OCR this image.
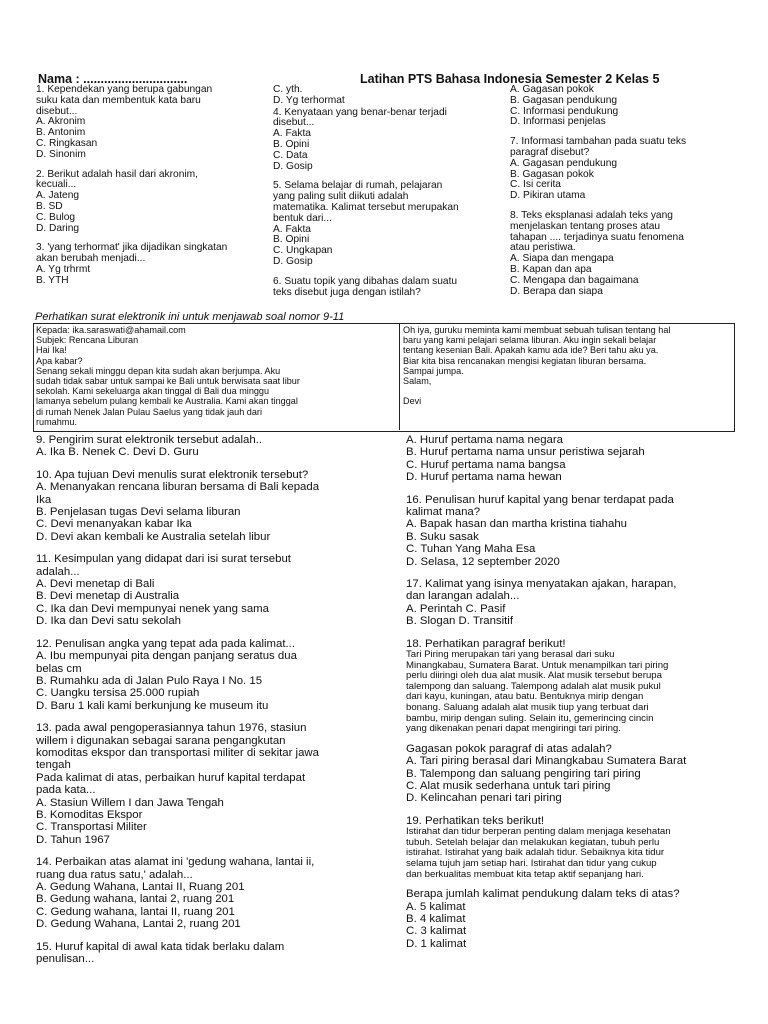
Nama : ..............................	Latihan PTS Bahasa Indonesia Semester 2 Kelas 5
1. Kependekan yang berupa gabungan
suku kata dan membentuk kata baru
disebut...
A. Akronim
B. Antonim
C. Ringkasan
D. Sinonim
2. Berikut adalah hasil dari akronim,
kecuali...
A. Jateng
B. SD
C. Bulog
D. Daring
3. 'yang terhormat' jika dijadikan singkatan
akan berubah menjadi...
A. Yg trhrmt
B. YTH
C. yth.
D. Yg terhormat
4. Kenyataan yang benar-benar terjadi
disebut...
A. Fakta
B. Opini
C. Data
D. Gosip
5. Selama belajar di rumah, pelajaran
yang paling sulit diikuti adalah
matematika. Kalimat tersebut merupakan
bentuk dari...
A. Fakta
B. Opini
C. Ungkapan
D. Gosip
6. Suatu topik yang dibahas dalam suatu
teks disebut juga dengan istilah?
A. Gagasan pokok
B. Gagasan pendukung
C. Informasi pendukung
D. Informasi penjelas
7. Informasi tambahan pada suatu teks
paragraf disebut?
A. Gagasan pendukung
B. Gagasan pokok
C. Isi cerita
D. Pikiran utama
8. Teks eksplanasi adalah teks yang
menjelaskan tentang proses atau
tahapan .... terjadinya suatu fenomena
atau peristiwa.
A. Siapa dan mengapa
B. Kapan dan apa
C. Mengapa dan bagaimana
D. Berapa dan siapa
Perhatikan surat elektronik ini untuk menjawab soal nomor 9-11
Kepada: ika.saraswati@ahamail.com
Subjek: Rencana Liburan
Hai Ika!
Apa kabar?
Senang sekali minggu depan kita sudah akan berjumpa. Aku
sudah tidak sabar untuk sampai ke Bali untuk berwisata saat libur
sekolah. Kami sekeluarga akan tinggal di Bali dua minggu
lamanya sebelum pulang kembali ke Australia. Kami akan tinggal
di rumah Nenek Jalan Pulau Saelus yang tidak jauh dari
rumahmu.
Oh iya, guruku meminta kami membuat sebuah tulisan tentang hal
baru yang kami pelajari selama liburan. Aku ingin sekali belajar
tentang kesenian Bali. Apakah kamu ada ide? Beri tahu aku ya.
Biar kita bisa rencanakan mengisi kegiatan liburan bersama.
Sampai jumpa.
Salam,

Devi
9. Pengirim surat elektronik tersebut adalah..
A. Ika B. Nenek C. Devi D. Guru
10. Apa tujuan Devi menulis surat elektronik tersebut?
A. Menanyakan rencana liburan bersama di Bali kepada
Ika
B. Penjelasan tugas Devi selama liburan
C. Devi menanyakan kabar Ika
D. Devi akan kembali ke Australia setelah libur
11. Kesimpulan yang didapat dari isi surat tersebut
adalah...
A. Devi menetap di Bali
B. Devi menetap di Australia
C. Ika dan Devi mempunyai nenek yang sama
D. Ika dan Devi satu sekolah
12. Penulisan angka yang tepat ada pada kalimat...
A. Ibu mempunyai pita dengan panjang seratus dua
belas cm
B. Rumahku ada di Jalan Pulo Raya I No. 15
C. Uangku tersisa 25.000 rupiah
D. Baru 1 kali kami berkunjung ke museum itu
13. pada awal pengoperasiannya tahun 1976, stasiun
willem i digunakan sebagai sarana pengangkutan
komoditas ekspor dan transportasi militer di sekitar jawa
tengah
Pada kalimat di atas, perbaikan huruf kapital terdapat
pada kata...
A. Stasiun Willem I dan Jawa Tengah
B. Komoditas Ekspor
C. Transportasi Militer
D. Tahun 1967
14. Perbaikan atas alamat ini 'gedung wahana, lantai ii,
ruang dua ratus satu,' adalah...
A. Gedung Wahana, Lantai II, Ruang 201
B. Gedung wahana, lantai 2, ruang 201
C. Gedung wahana, lantai II, ruang 201
D. Gedung Wahana, Lantai 2, ruang 201
15. Huruf kapital di awal kata tidak berlaku dalam
penulisan...
A. Huruf pertama nama negara
B. Huruf pertama nama unsur peristiwa sejarah
C. Huruf pertama nama bangsa
D. Huruf pertama nama hewan
16. Penulisan huruf kapital yang benar terdapat pada
kalimat mana?
A. Bapak hasan dan martha kristina tiahahu
B. Suku sasak
C. Tuhan Yang Maha Esa
D. Selasa, 12 september 2020
17. Kalimat yang isinya menyatakan ajakan, harapan,
dan larangan adalah...
A. Perintah C. Pasif
B. Slogan D. Transitif
18. Perhatikan paragraf berikut!
Tari Piring merupakan tari yang berasal dari suku
Minangkabau, Sumatera Barat. Untuk menampilkan tari piring
perlu diiringi oleh dua alat musik. Alat musik tersebut berupa
talempong dan saluang. Talempong adalah alat musik pukul
dari kayu, kuningan, atau batu. Bentuknya mirip dengan
bonang. Saluang adalah alat musik tiup yang terbuat dari
bambu, mirip dengan suling. Selain itu, gemerincing cincin
yang dikenakan penari dapat mengiringi tari piring.
Gagasan pokok paragraf di atas adalah?
A. Tari piring berasal dari Minangkabau Sumatera Barat
B. Talempong dan saluang pengiring tari piring
C. Alat musik sederhana untuk tari piring
D. Kelincahan penari tari piring
19. Perhatikan teks berikut!
Istirahat dan tidur berperan penting dalam menjaga kesehatan
tubuh. Setelah belajar dan melakukan kegiatan, tubuh perlu
istirahat. Istirahat yang baik adalah tidur. Sebaiknya kita tidur
selama tujuh jam setiap hari. Istirahat dan tidur yang cukup
dan berkualitas membuat kita tetap aktif sepanjang hari.
Berapa jumlah kalimat pendukung dalam teks di atas?
A. 5 kalimat
B. 4 kalimat
C. 3 kalimat
D. 1 kalimat
